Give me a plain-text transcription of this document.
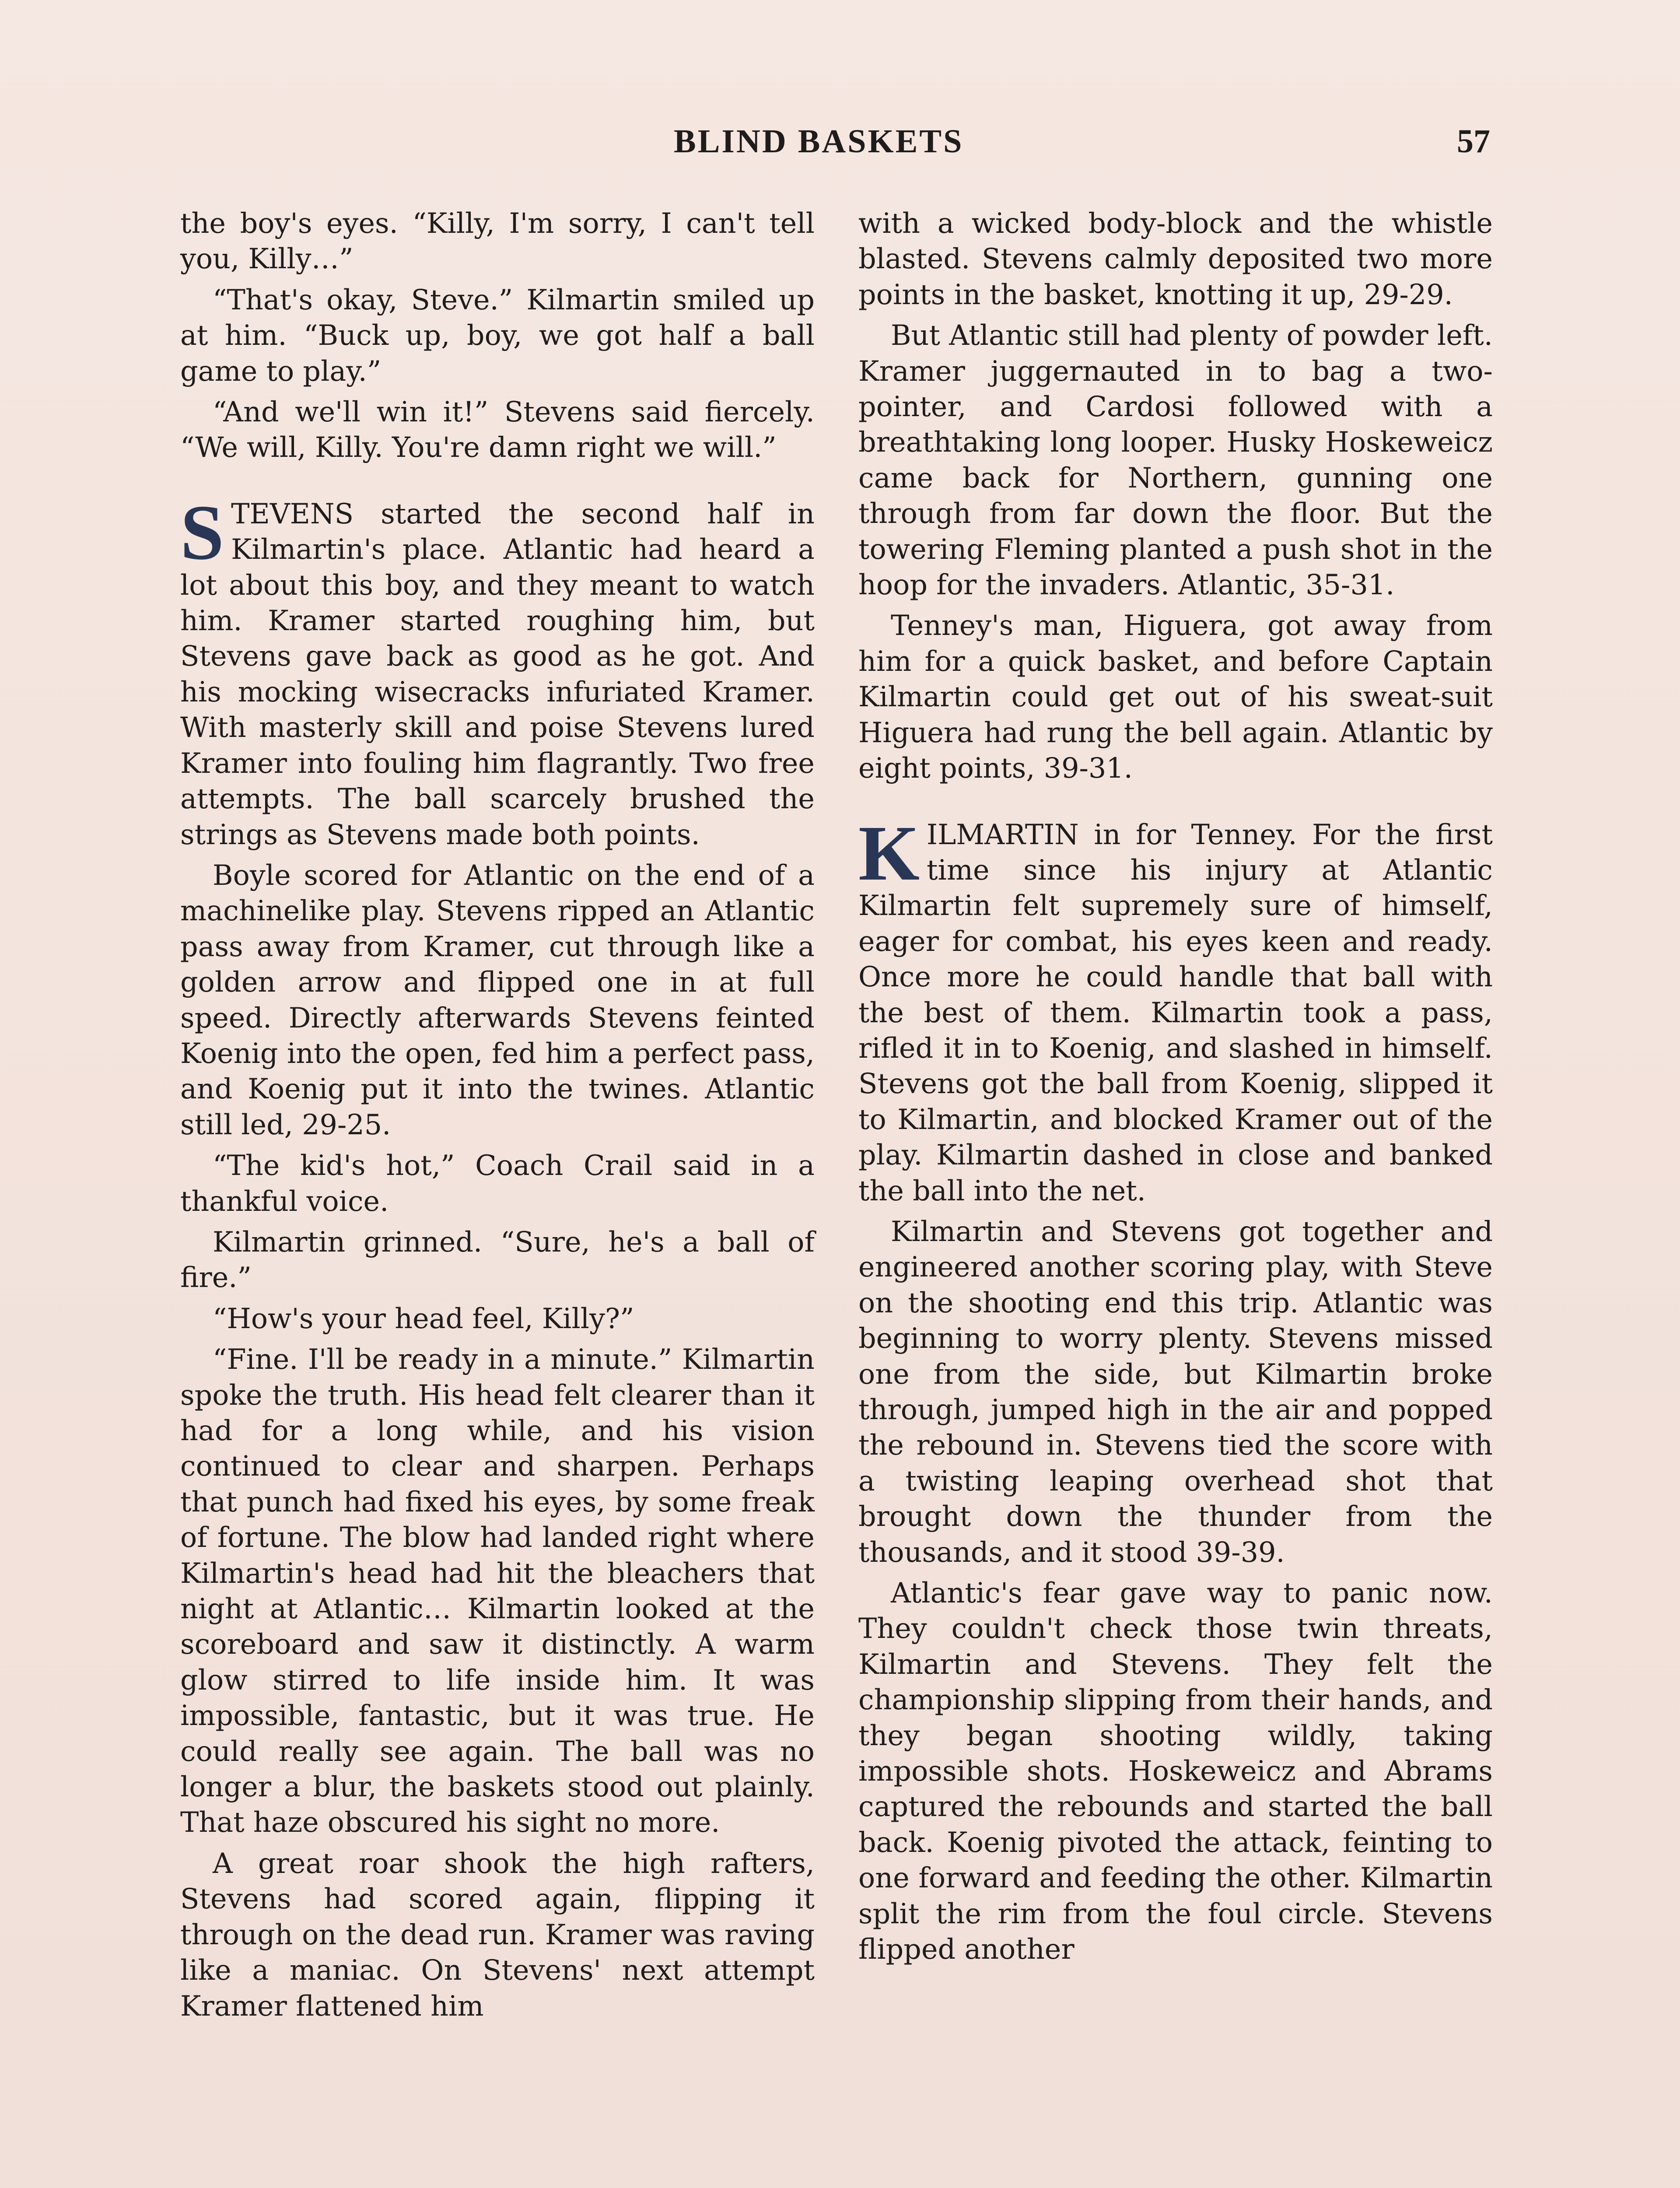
BLIND BASKETS	57

the boy's eyes. “Killy, I'm sorry, I can't tell you, Killy…”

“That's okay, Steve.” Kilmartin smiled up at him. “Buck up, boy, we got half a ball game to play.”

“And we'll win it!” Stevens said fiercely. “We will, Killy. You're damn right we will.”

STEVENS started the second half in Kilmartin's place. Atlantic had heard a lot about this boy, and they meant to watch him. Kramer started roughing him, but Stevens gave back as good as he got. And his mocking wisecracks infuriated Kramer. With masterly skill and poise Stevens lured Kramer into fouling him flagrantly. Two free attempts. The ball scarcely brushed the strings as Stevens made both points.

Boyle scored for Atlantic on the end of a machinelike play. Stevens ripped an Atlantic pass away from Kramer, cut through like a golden arrow and flipped one in at full speed. Directly afterwards Stevens feinted Koenig into the open, fed him a perfect pass, and Koenig put it into the twines. Atlantic still led, 29-25.

“The kid's hot,” Coach Crail said in a thankful voice.

Kilmartin grinned. “Sure, he's a ball of fire.”

“How's your head feel, Killy?”

“Fine. I'll be ready in a minute.” Kilmartin spoke the truth. His head felt clearer than it had for a long while, and his vision continued to clear and sharpen. Perhaps that punch had fixed his eyes, by some freak of fortune. The blow had landed right where Kilmartin's head had hit the bleachers that night at Atlantic… Kilmartin looked at the scoreboard and saw it distinctly. A warm glow stirred to life inside him. It was impossible, fantastic, but it was true. He could really see again. The ball was no longer a blur, the baskets stood out plainly. That haze obscured his sight no more.

A great roar shook the high rafters, Stevens had scored again, flipping it through on the dead run. Kramer was raving like a maniac. On Stevens' next attempt Kramer flattened him

with a wicked body-block and the whistle blasted. Stevens calmly deposited two more points in the basket, knotting it up, 29-29.

But Atlantic still had plenty of powder left. Kramer juggernauted in to bag a two-pointer, and Cardosi followed with a breathtaking long looper. Husky Hoskeweicz came back for Northern, gunning one through from far down the floor. But the towering Fleming planted a push shot in the hoop for the invaders. Atlantic, 35-31.

Tenney's man, Higuera, got away from him for a quick basket, and before Captain Kilmartin could get out of his sweat-suit Higuera had rung the bell again. Atlantic by eight points, 39-31.

KILMARTIN in for Tenney. For the first time since his injury at Atlantic Kilmartin felt supremely sure of himself, eager for combat, his eyes keen and ready. Once more he could handle that ball with the best of them. Kilmartin took a pass, rifled it in to Koenig, and slashed in himself. Stevens got the ball from Koenig, slipped it to Kilmartin, and blocked Kramer out of the play. Kilmartin dashed in close and banked the ball into the net.

Kilmartin and Stevens got together and engineered another scoring play, with Steve on the shooting end this trip. Atlantic was beginning to worry plenty. Stevens missed one from the side, but Kilmartin broke through, jumped high in the air and popped the rebound in. Stevens tied the score with a twisting leaping overhead shot that brought down the thunder from the thousands, and it stood 39-39.

Atlantic's fear gave way to panic now. They couldn't check those twin threats, Kilmartin and Stevens. They felt the championship slipping from their hands, and they began shooting wildly, taking impossible shots. Hoskeweicz and Abrams captured the rebounds and started the ball back. Koenig pivoted the attack, feinting to one forward and feeding the other. Kilmartin split the rim from the foul circle. Stevens flipped another
